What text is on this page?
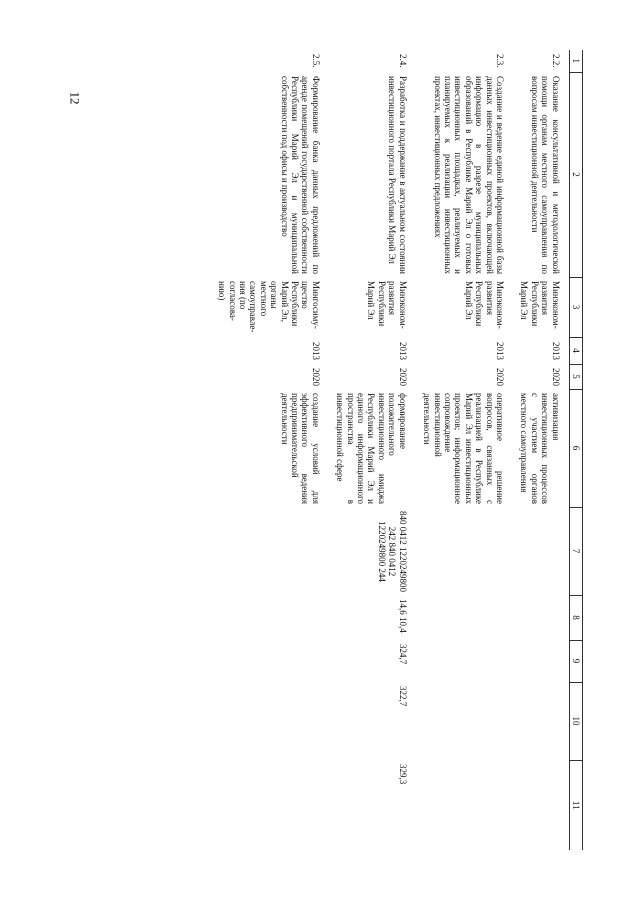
12
1	2	3	4	5	6	7	8	9	10	11
2.2.	Оказание консультативной и методологической помощи органам местного самоуправления по вопросам инвестиционной деятельности	Минэконом-развития Республики Марий Эл	2013	2020	активизация инвестиционных процессов с участием органов местного самоуправления					
2.3.	Создание и ведение единой информационной базы данных инвестиционных проектов, включающей информацию в разрезе муниципальных образований в Республике Марий Эл о готовых инвестиционных площадках, реализуемых и планируемых к реализации инвестиционных проектах, инвестиционных предложениях	Минэконом-развития Республики Марий Эл	2013	2020	оперативное решение вопросов, связанных с реализацией в Республике Марий Эл инвестиционных проектов; информационное сопровождение инвестиционной деятельности					
2.4.	Разработка и поддержание в актуальном состоянии инвестиционного портала Республики Марий Эл	Минэконом-развития Республики Марий Эл	2013	2020	формирование положительного инвестиционного имиджа Республики Марий Эл и единого информационного пространства в инвестиционной сфере	840 0412 1220249800 242 840 0412 1220249800 244	14,6 10,4	324,7	322,7	329,3
2.5.	Формирование банка данных предложений по аренде помещений государственной собственности Республики Марий Эл и муниципальной собственности под офисы и производство	Мингосиму-щество Республики Марий Эл, органы местного самоуправле-ния (по согласова-нию)	2013	2020	создание условий для эффективного ведения предпринимательской деятельности					
